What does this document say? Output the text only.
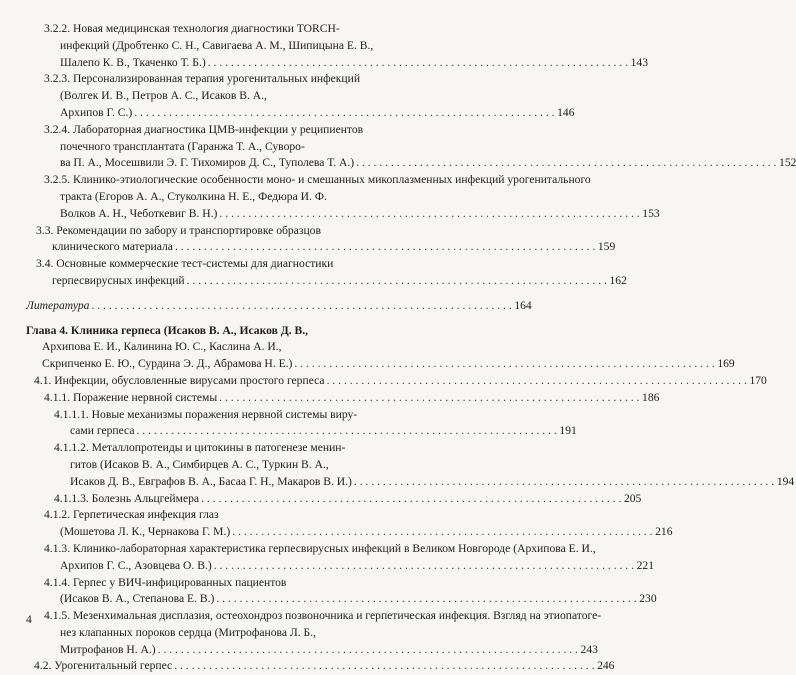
3.2.2. Новая медицинская технология диагностики TORCH-
инфекций (Дробтенко С. Н., Савигаева А. М., Шипицына Е. В.,
Шалепо К. В., Ткаченко Т. Б.) . . .	143
3.2.3. Персонализированная терапия урогенитальных инфекций
(Волгек И. В., Петров А. С., Исаков В. А.,
Архипов Г. С.) . . .	146
3.2.4. Лабораторная диагностика ЦМВ-инфекции у реципиентов
почечного трансплантата (Гаранжа Т. А., Суворо-
ва П. А., Мосешвили Э. Г. Тихомиров Д. С., Туполева Т. А.) . . .	152
3.2.5. Клинико-этиологические особенности моно- и смешанных микоплазменных инфекций урогенитального
тракта (Егоров А. А., Стуколкина Н. Е., Федюра И. Ф.
Волков А. Н., Чеботкевиг В. Н.) . . .	153
3.3. Рекомендации по забору и транспортировке образцов
клинического материала . . .	159
3.4. Основные коммерческие тест-системы для диагностики
герпесвирусных инфекций . . .	162
Литература . . .	164
Глава 4. Клиника герпеса (Исаков В. А., Исаков Д. В.,
Архипова Е. И., Калинина Ю. С., Каслина А. И.,
Скрипченко Е. Ю., Сурдина Э. Д., Абрамова Н. Е.) . . .	169
4.1. Инфекции, обусловленные вирусами простого герпеса . . .	170
4.1.1. Поражение нервной системы . . .	186
4.1.1.1. Новые механизмы поражения нервной системы виру-
сами герпеса . . .	191
4.1.1.2. Металлопротеиды и цитокины в патогенезе менин-
гитов (Исаков В. А., Симбирцев А. С., Туркин В. А.,
Исаков Д. В., Евграфов В. А., Басаа Г. Н., Макаров В. И.) . . .	194
4.1.1.3. Болезнь Альцгеймера . . .	205
4.1.2. Герпетическая инфекция глаз
(Мошетова Л. К., Чернакова Г. М.) . . .	216
4.1.3. Клинико-лабораторная характеристика герпесвирусных инфекций в Великом Новгороде (Архипова Е. И.,
Архипов Г. С., Азовцева О. В.) . . .	221
4.1.4. Герпес у ВИЧ-инфицированных пациентов
(Исаков В. А., Степанова Е. В.) . . .	230
4.1.5. Мезенхимальная дисплазия, остеохондроз позвоночника и герпетическая инфекция. Взгляд на этиопатоге-
нез клапанных пороков сердца (Митрофанова Л. Б.,
Митрофанов Н. А.) . . .	243
4.2. Урогенитальный герпес . . .	246
4
